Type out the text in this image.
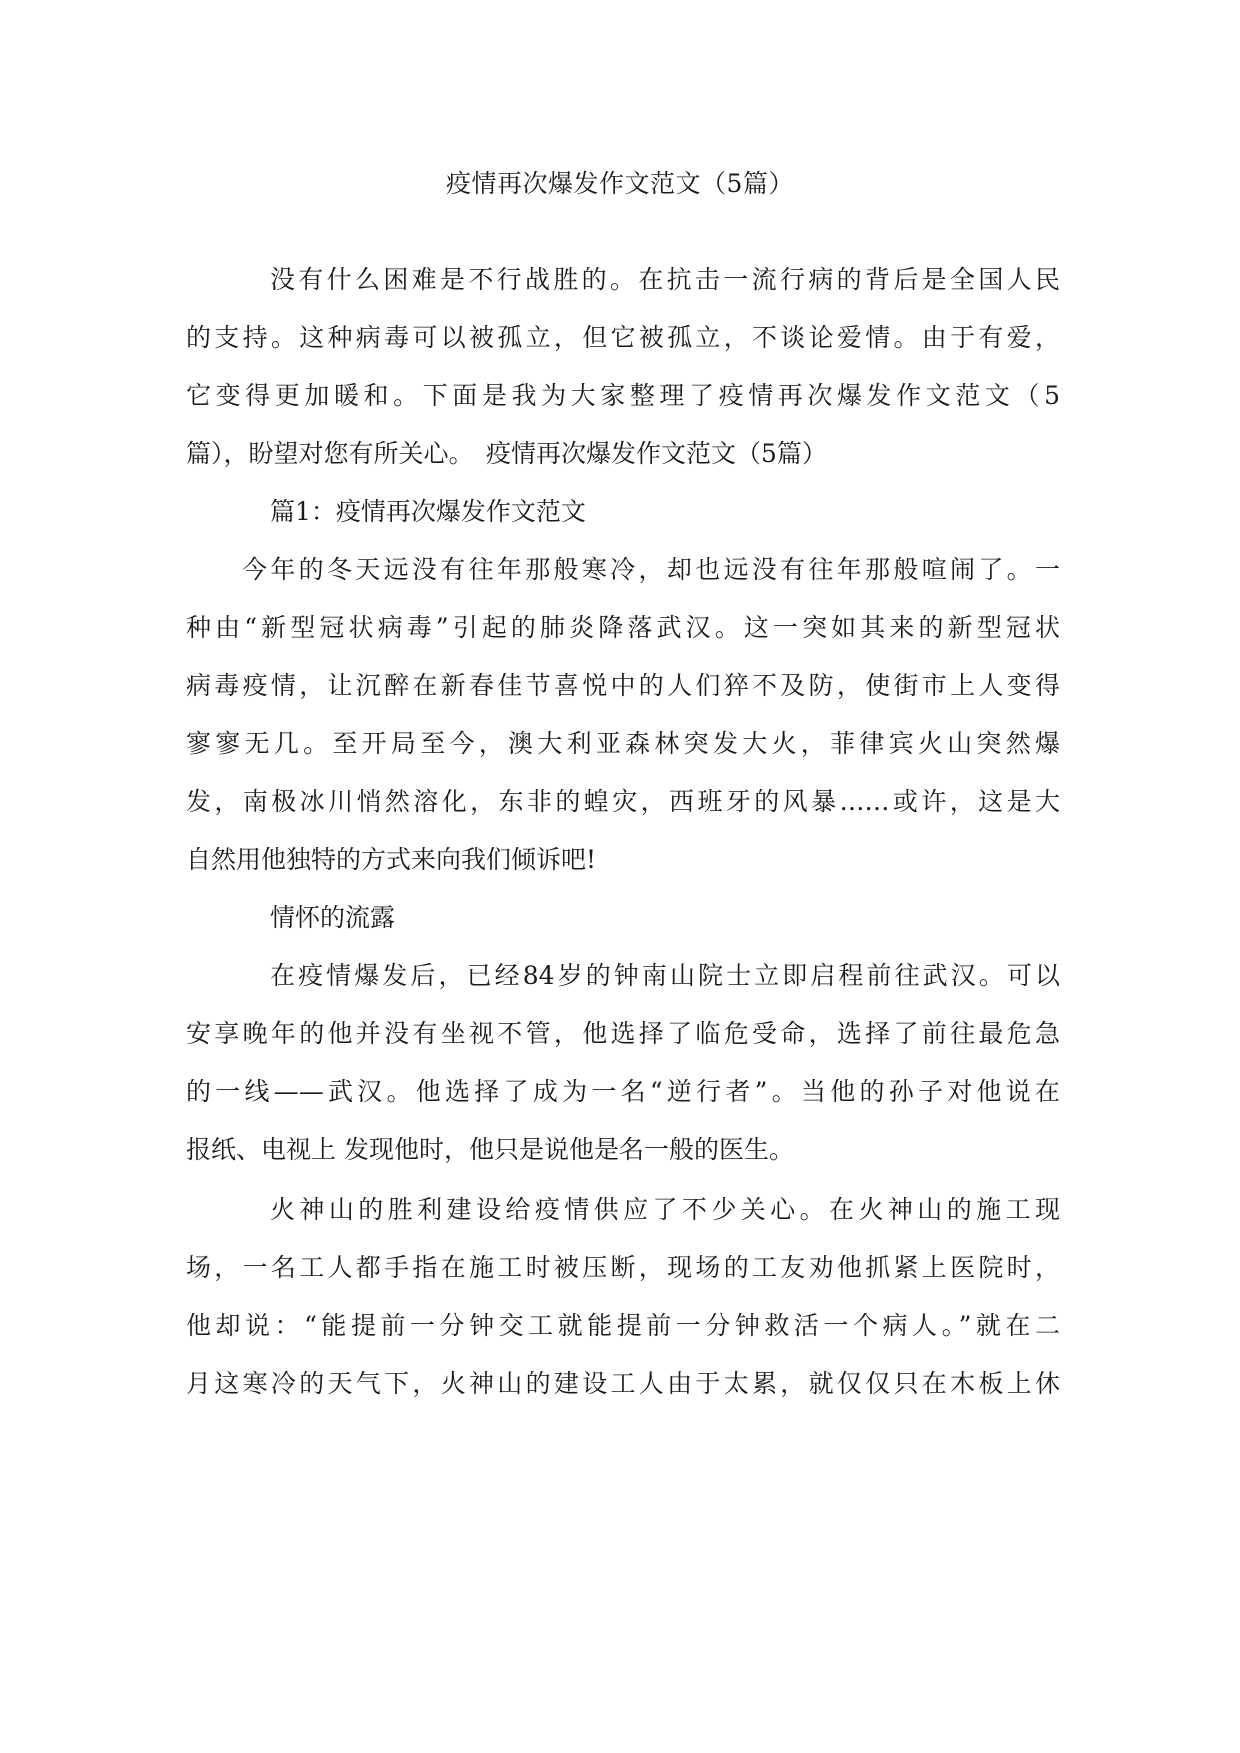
疫情再次爆发作文范文（5篇）
没有什么困难是不行战胜的。在抗击一流行病的背后是全国人民
的支持。这种病毒可以被孤立，但它被孤立，不谈论爱情。由于有爱，
它变得更加暖和。下面是我为大家整理了疫情再次爆发作文范文（5
篇），盼望对您有所关心。　疫情再次爆发作文范文（5篇）
篇1：疫情再次爆发作文范文
今年的冬天远没有往年那般寒冷，却也远没有往年那般喧闹了。一
种由“新型冠状病毒”引起的肺炎降落武汉。这一突如其来的新型冠状
病毒疫情，让沉醉在新春佳节喜悦中的人们猝不及防，使街市上人变得
寥寥无几。至开局至今，澳大利亚森林突发大火，菲律宾火山突然爆
发，南极冰川悄然溶化，东非的蝗灾，西班牙的风暴……或许，这是大
自然用他独特的方式来向我们倾诉吧!
情怀的流露
在疫情爆发后，已经84岁的钟南山院士立即启程前往武汉。可以
安享晚年的他并没有坐视不管，他选择了临危受命，选择了前往最危急
的一线——武汉。他选择了成为一名“逆行者”。当他的孙子对他说在
报纸、电视上 发现他时，他只是说他是名一般的医生。
火神山的胜利建设给疫情供应了不少关心。在火神山的施工现
场，一名工人都手指在施工时被压断，现场的工友劝他抓紧上医院时，
他却说：“能提前一分钟交工就能提前一分钟救活一个病人。”就在二
月这寒冷的天气下，火神山的建设工人由于太累，就仅仅只在木板上休
